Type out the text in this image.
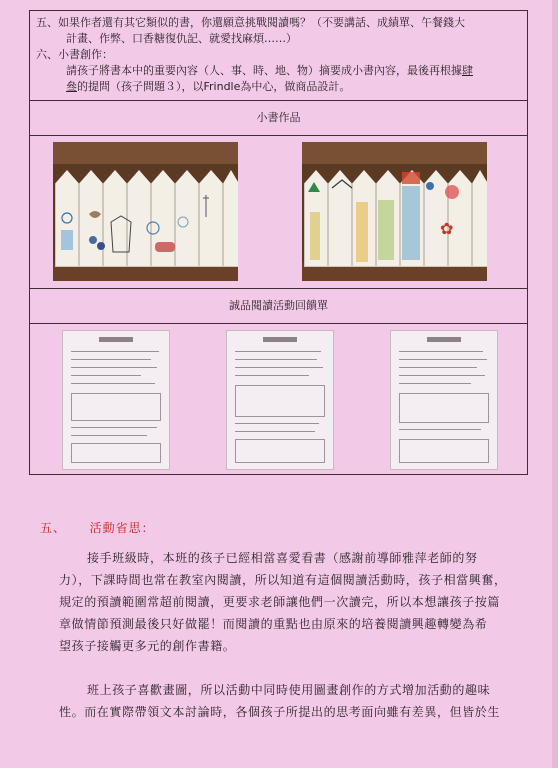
五、 如果作者還有其它類似的書，你還願意挑戰閱讀嗎？（不要講話、成績單、午餐錢大
計畫、作弊、口香糖復仇記、就愛找麻煩……）
六、 小書創作：
請孩子將書本中的重要內容（人、事、時、地、物）摘要成小書內容，最後再根據肆
叄的提問（孩子問題３），以Frindle為中心，做商品設計。

小書作品

✿

誠品閱讀活動回饋單

五、 活動省思：
接手班級時，本班的孩子已經相當喜愛看書（感謝前導師雅萍老師的努
力），下課時間也常在教室內閱讀，所以知道有這個閱讀活動時，孩子相當興奮，
規定的預讀範圍常超前閱讀，更要求老師讓他們一次讀完，所以本想讓孩子按篇
章做情節預測最後只好做罷！而閱讀的重點也由原來的培養閱讀興趣轉變為希
望孩子接觸更多元的創作書籍。
班上孩子喜歡畫圖，所以活動中同時使用圖畫創作的方式增加活動的趣味
性。而在實際帶領文本討論時，各個孩子所提出的思考面向雖有差異，但皆於生
